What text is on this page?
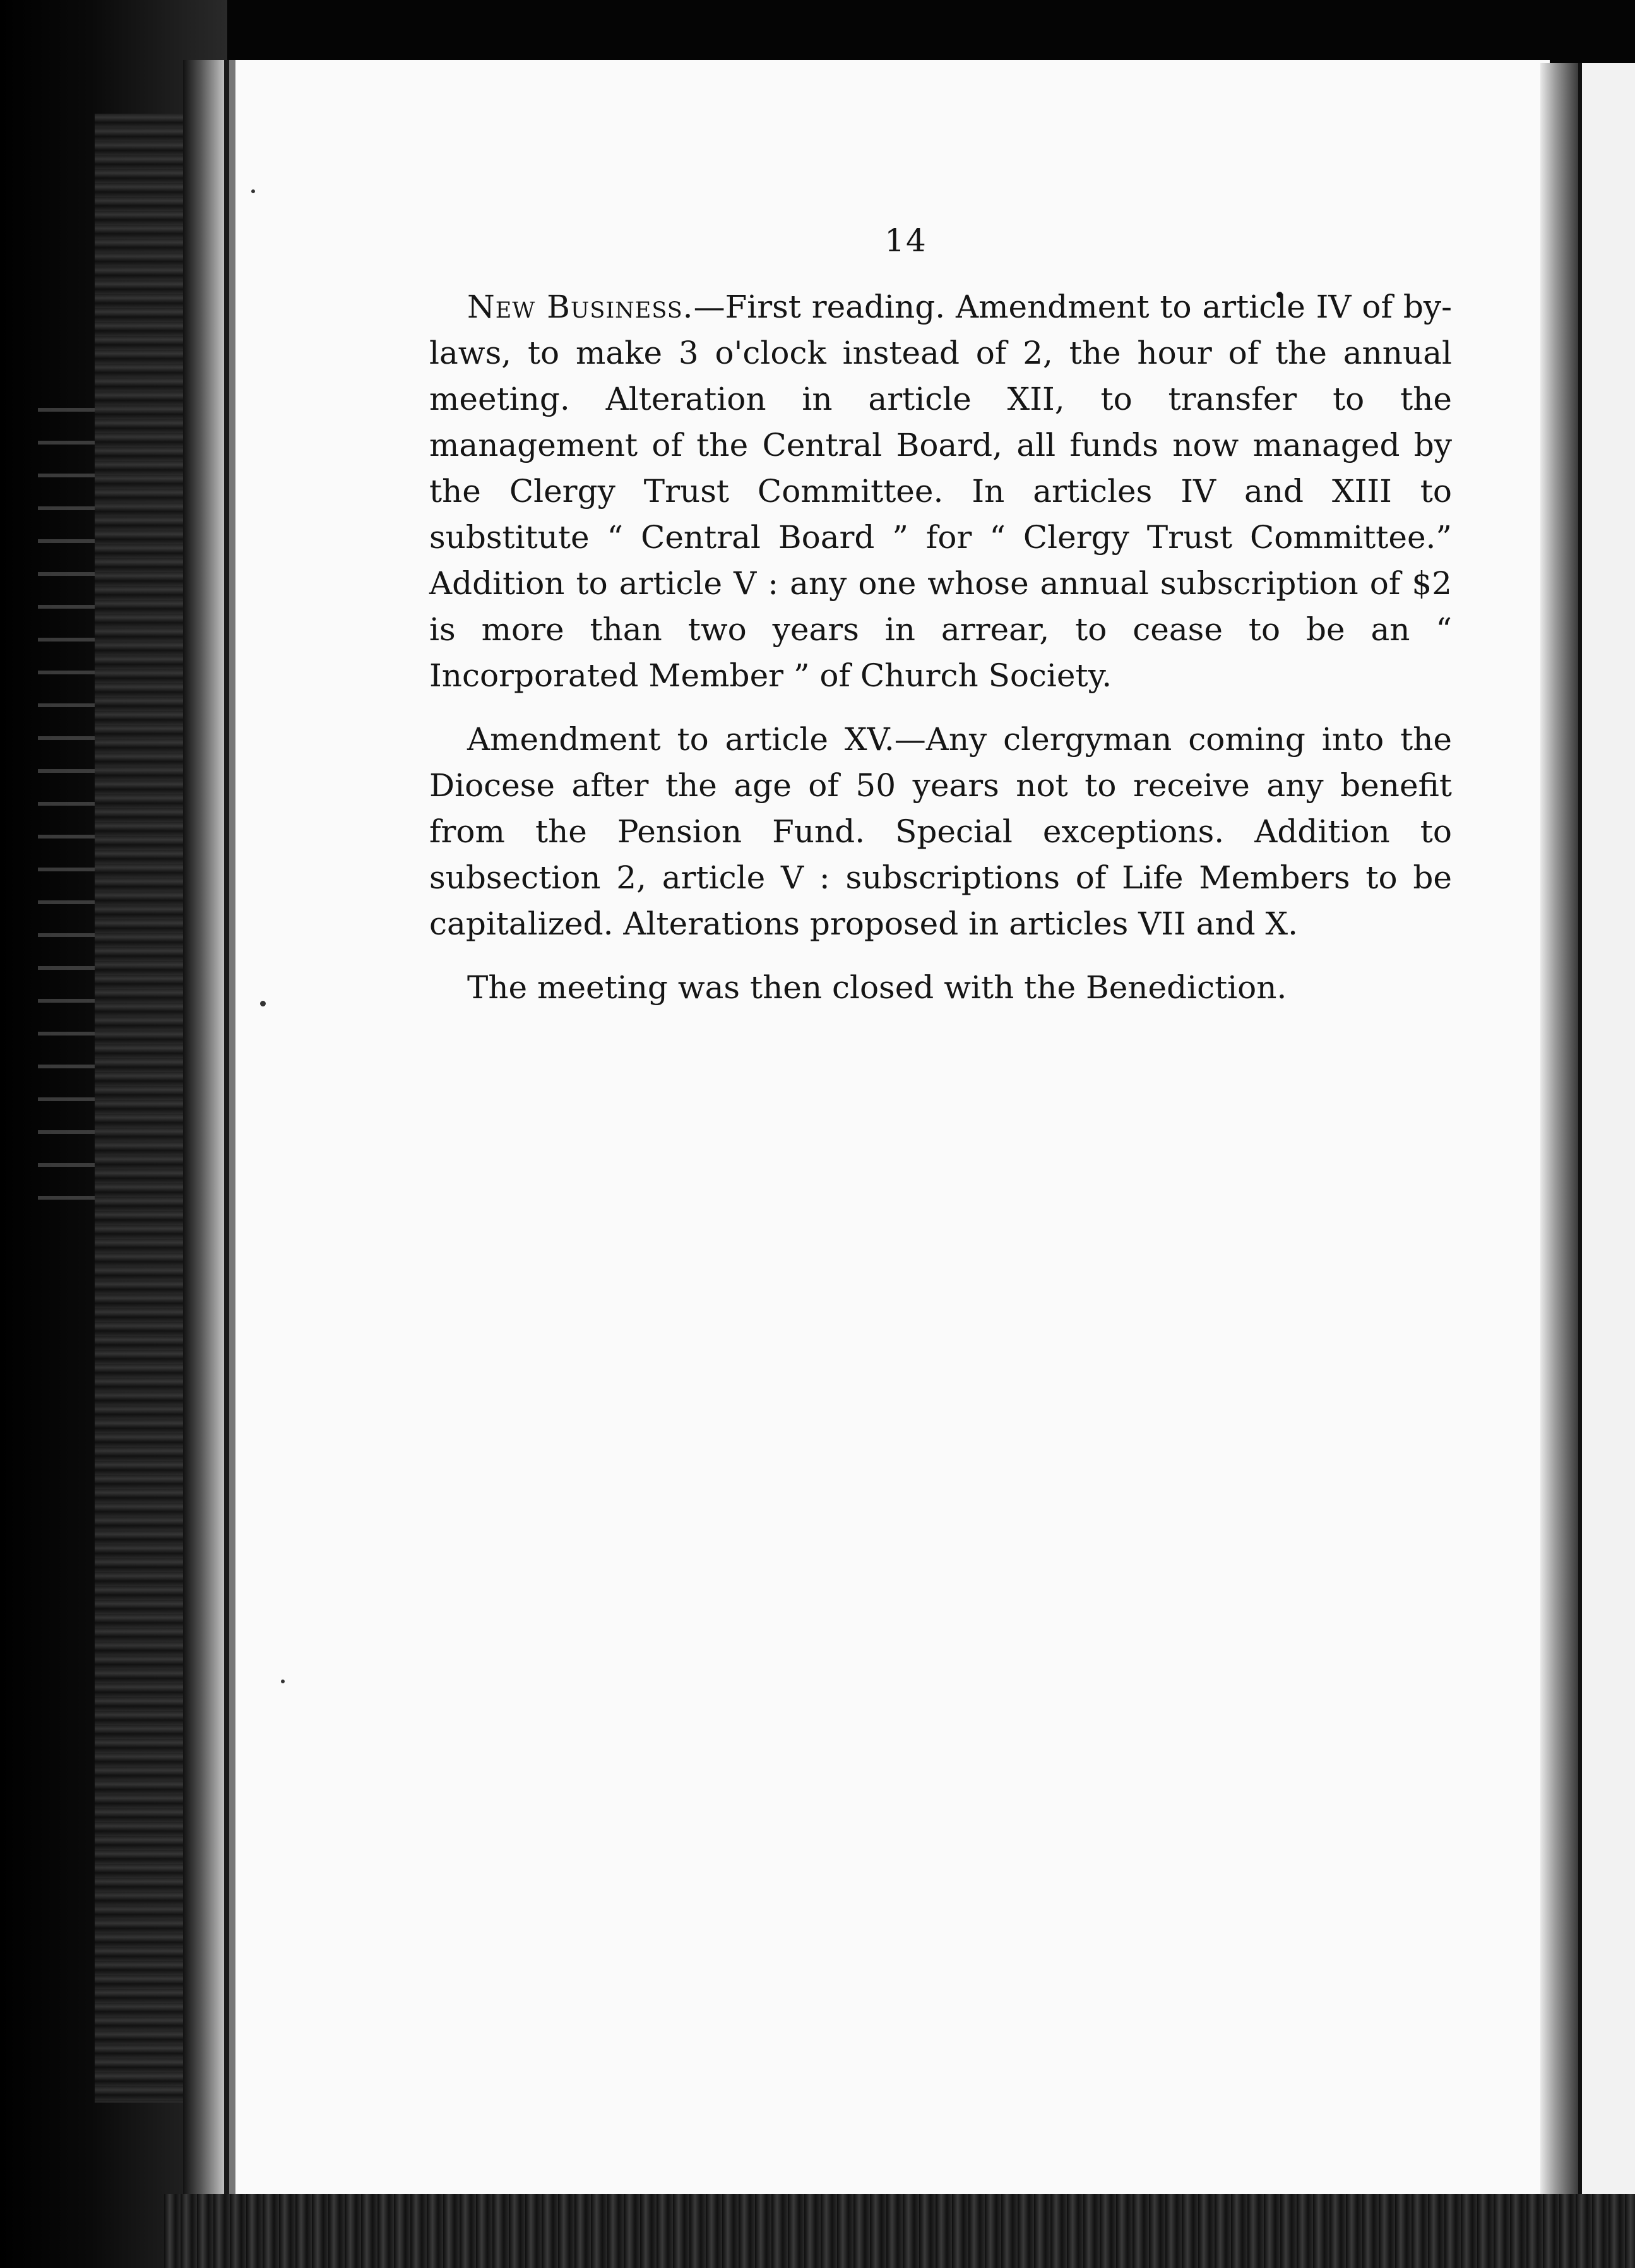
14

New Business.—First reading. Amendment to article IV of by-laws, to make 3 o'clock instead of 2, the hour of the annual meeting. Alteration in article XII, to transfer to the management of the Central Board, all funds now managed by the Clergy Trust Committee. In articles IV and XIII to substitute “ Central Board ” for “ Clergy Trust Committee.” Addition to article V : any one whose annual subscription of $2 is more than two years in arrear, to cease to be an “ Incorporated Member ” of Church Society.

Amendment to article XV.—Any clergyman coming into the Diocese after the age of 50 years not to receive any benefit from the Pension Fund. Special exceptions. Addition to subsection 2, article V : subscriptions of Life Members to be capitalized. Alterations proposed in articles VII and X.

The meeting was then closed with the Benediction.
